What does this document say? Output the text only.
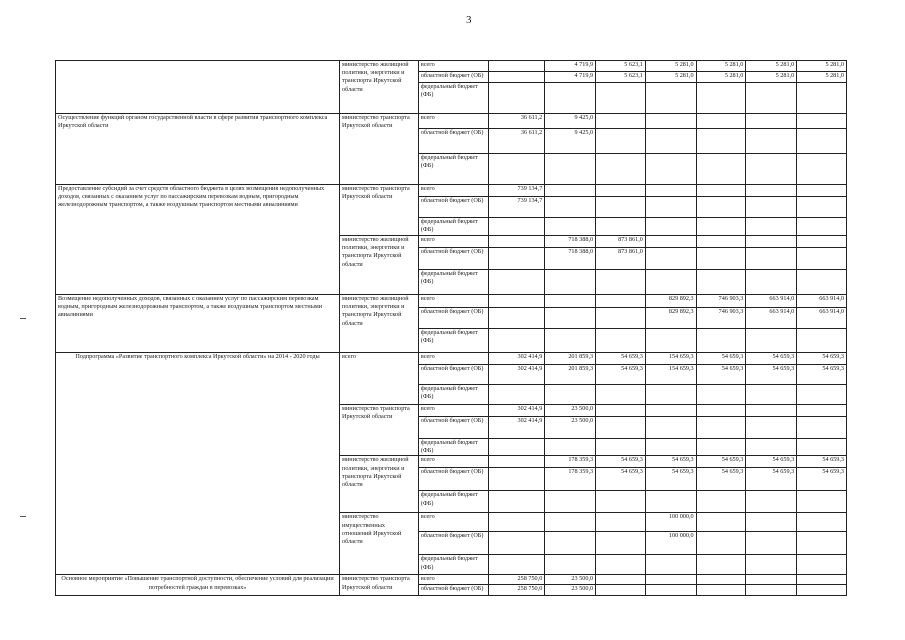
3
	министерство жилищной политики, энергетики и транспорта Иркутской области	всего		4 719,9	5 623,1	5 281,0	5 281,0	5 281,0	5 281,0
		областной бюджет (ОБ)		4 719,9	5 623,1	5 281,0	5 281,0	5 281,0	5 281,0
		федеральный бюджет (ФБ)							
Осуществление функций органом государственной власти в сфере развития транспортного комплекса Иркутской области	министерство транспорта Иркутской области	всего	36 611,2	9 425,0					
		областной бюджет (ОБ)	36 611,2	9 425,0					
		федеральный бюджет (ФБ)							
Предоставление субсидий за счет средств областного бюджета в целях возмещения недополученных доходов, связанных с оказанием услуг по пассажирским перевозкам водным, пригородным железнодорожным транспортом, а также воздушным транспортом местными авиалиниями	министерство транспорта Иркутской области	всего	739 134,7						
		областной бюджет (ОБ)	739 134,7						
		федеральный бюджет (ФБ)							
	министерство жилищной политики, энергетики и транспорта Иркутской области	всего		718 388,0	873 861,0				
		областной бюджет (ОБ)		718 388,0	873 861,0				
		федеральный бюджет (ФБ)							
Возмещение недополученных доходов, связанных с оказанием услуг по пассажирским перевозкам водным, пригородным железнодорожным транспортом, а также воздушным транспортом местными авиалиниями	министерство жилищной политики, энергетики и транспорта Иркутской области	всего				829 892,3	746 903,3	663 914,0	663 914,0
		областной бюджет (ОБ)				829 892,3	746 903,3	663 914,0	663 914,0
		федеральный бюджет (ФБ)							
Подпрограмма «Развитие транспортного комплекса Иркутской области» на 2014 - 2020 годы	всего	всего	302 414,9	201 859,3	54 659,3	154 659,3	54 659,3	54 659,3	54 659,3
		областной бюджет (ОБ)	302 414,9	201 859,3	54 659,3	154 659,3	54 659,3	54 659,3	54 659,3
		федеральный бюджет (ФБ)							
	министерство транспорта Иркутской области	всего	302 414,9	23 500,0					
		областной бюджет (ОБ)	302 414,9	23 500,0					
		федеральный бюджет (ФБ)							
	министерство жилищной политики, энергетики и транспорта Иркутской области	всего		178 359,3	54 659,3	54 659,3	54 659,3	54 659,3	54 659,3
		областной бюджет (ОБ)		178 359,3	54 659,3	54 659,3	54 659,3	54 659,3	54 659,3
		федеральный бюджет (ФБ)							
	министерство имущественных отношений Иркутской области	всего				100 000,0			
		областной бюджет (ОБ)				100 000,0			
		федеральный бюджет (ФБ)							
Основное мероприятие «Повышение транспортной доступности, обеспечение условий для реализации потребностей граждан в перевозках»	министерство транспорта Иркутской области	всего	258 750,0	23 500,0					
		областной бюджет (ОБ)	258 750,0	23 500,0					
